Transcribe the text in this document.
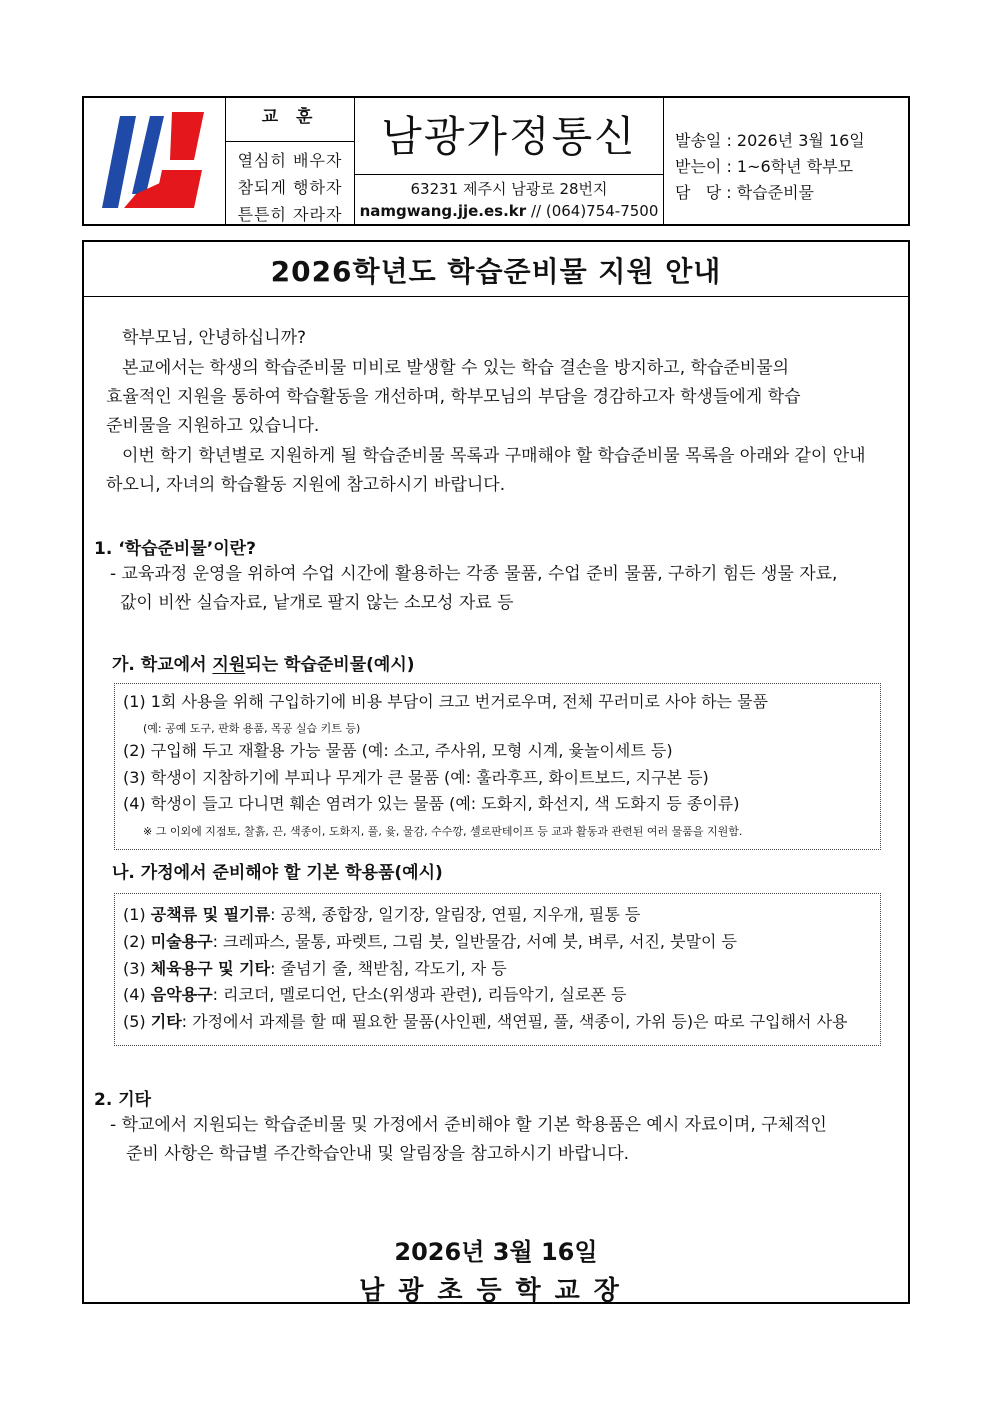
교 훈
열심히 배우자
참되게 행하자
튼튼히 자라자
남광가정통신
63231 제주시 남광로 28번지
namgwang.jje.es.kr // (064)754-7500
발송일 : 2026년 3월 16일
받는이 : 1~6학년 학부모
담   당 : 학습준비물
2026학년도 학습준비물 지원 안내
학부모님, 안녕하십니까?
본교에서는 학생의 학습준비물 미비로 발생할 수 있는 학습 결손을 방지하고, 학습준비물의
효율적인 지원을 통하여 학습활동을 개선하며, 학부모님의 부담을 경감하고자 학생들에게 학습
준비물을 지원하고 있습니다.
이번 학기 학년별로 지원하게 될 학습준비물 목록과 구매해야 할 학습준비물 목록을 아래와 같이 안내
하오니, 자녀의 학습활동 지원에 참고하시기 바랍니다.
1. ‘학습준비물’이란?
- 교육과정 운영을 위하여 수업 시간에 활용하는 각종 물품, 수업 준비 물품, 구하기 힘든 생물 자료,
값이 비싼 실습자료, 낱개로 팔지 않는 소모성 자료 등
가. 학교에서 지원되는 학습준비물(예시)
(1) 1회 사용을 위해 구입하기에 비용 부담이 크고 번거로우며, 전체 꾸러미로 사야 하는 물품
(예: 공예 도구, 판화 용품, 목공 실습 키트 등)
(2) 구입해 두고 재활용 가능 물품 (예: 소고, 주사위, 모형 시계, 윷놀이세트 등)
(3) 학생이 지참하기에 부피나 무게가 큰 물품 (예: 훌라후프, 화이트보드, 지구본 등)
(4) 학생이 들고 다니면 훼손 염려가 있는 물품 (예: 도화지, 화선지, 색 도화지 등 종이류)
※ 그 이외에 지점토, 찰흙, 끈, 색종이, 도화지, 풀, 윷, 물감, 수수깡, 셀로판테이프 등 교과 활동과 관련된 여러 물품을 지원함.
나. 가정에서 준비해야 할 기본 학용품(예시)
(1) 공책류 및 필기류: 공책, 종합장, 일기장, 알림장, 연필, 지우개, 필통 등
(2) 미술용구: 크레파스, 물통, 파렛트, 그림 붓, 일반물감, 서예 붓, 벼루, 서진, 붓말이 등
(3) 체육용구 및 기타: 줄넘기 줄, 책받침, 각도기, 자 등
(4) 음악용구: 리코더, 멜로디언, 단소(위생과 관련), 리듬악기, 실로폰 등
(5) 기타: 가정에서 과제를 할 때 필요한 물품(사인펜, 색연필, 풀, 색종이, 가위 등)은 따로 구입해서 사용
2. 기타
- 학교에서 지원되는 학습준비물 및 가정에서 준비해야 할 기본 학용품은 예시 자료이며, 구체적인
준비 사항은 학급별 주간학습안내 및 알림장을 참고하시기 바랍니다.
2026년 3월 16일
남광초등학교장
